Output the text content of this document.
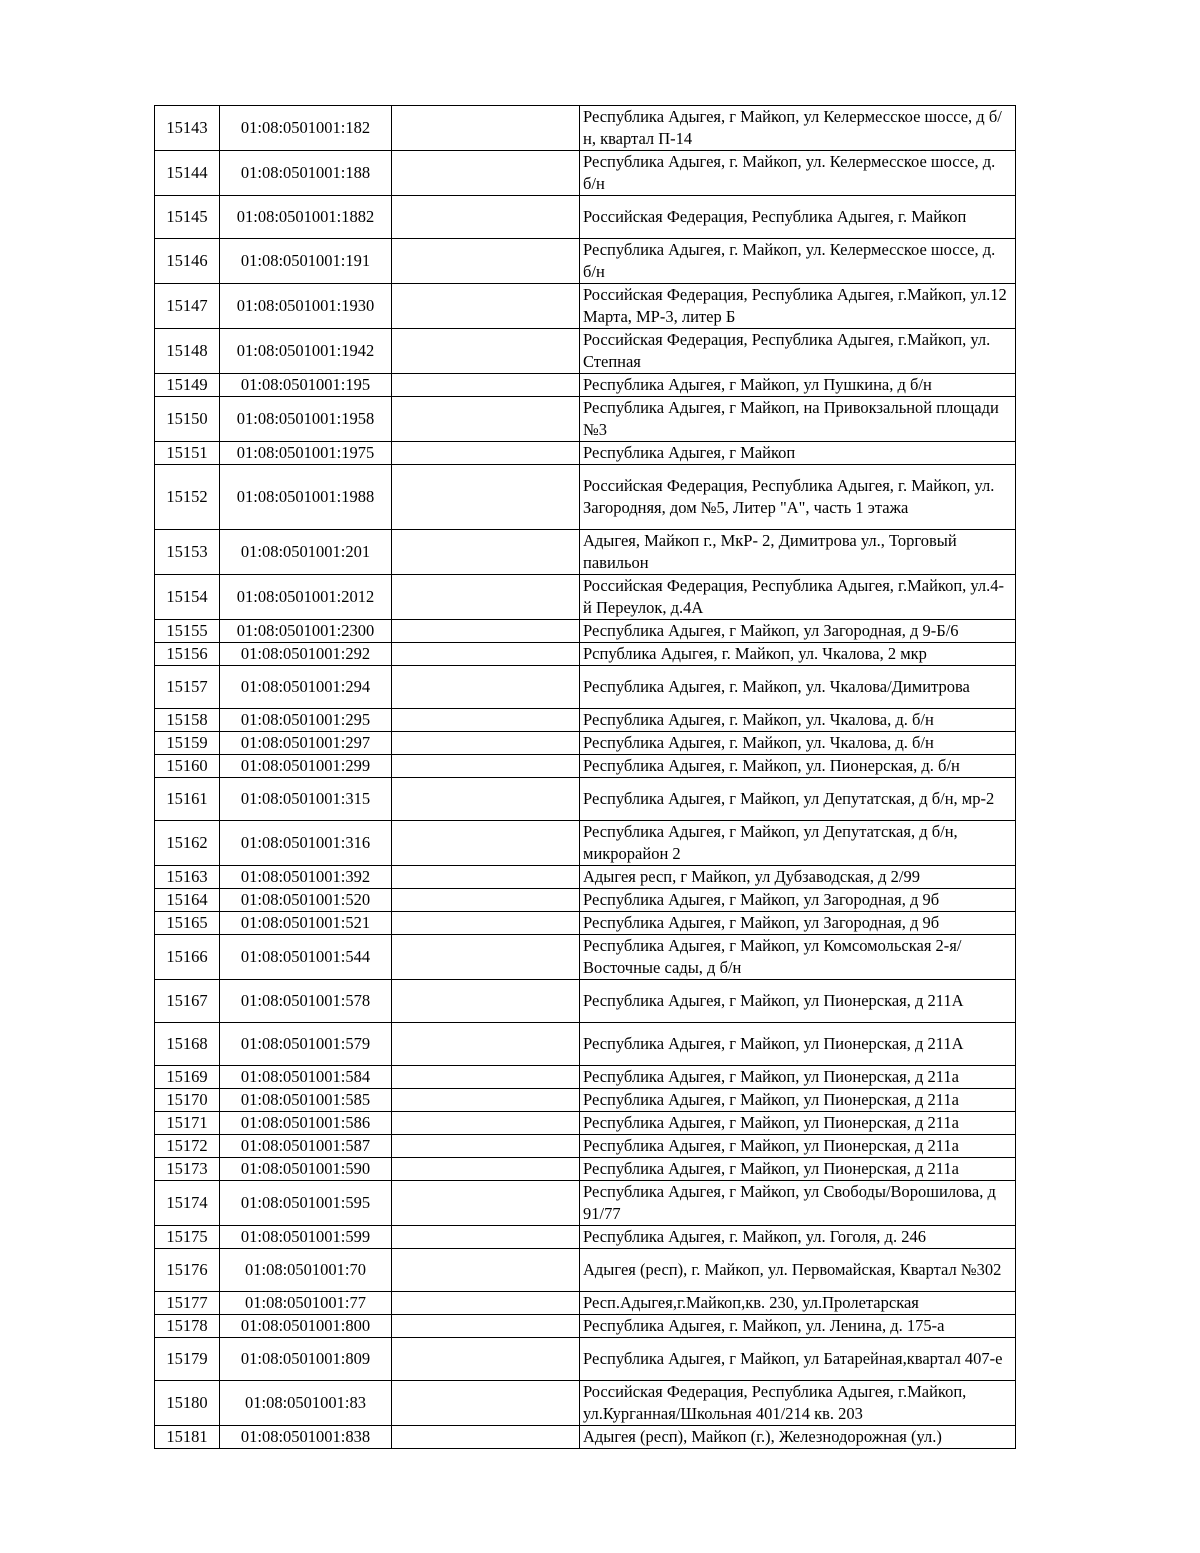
15143	01:08:0501001:182		Республика Адыгея, г Майкоп, ул Келермесское шоссе, д б/н, квартал П-14
15144	01:08:0501001:188		Республика Адыгея, г. Майкоп, ул. Келермесское шоссе, д. б/н
15145	01:08:0501001:1882		Российская Федерация, Республика Адыгея, г. Майкоп
15146	01:08:0501001:191		Республика Адыгея, г. Майкоп, ул. Келермесское шоссе, д. б/н
15147	01:08:0501001:1930		Российская Федерация, Республика Адыгея, г.Майкоп, ул.12 Марта, МР-3, литер Б
15148	01:08:0501001:1942		Российская Федерация, Республика Адыгея, г.Майкоп, ул. Степная
15149	01:08:0501001:195		Республика Адыгея, г Майкоп, ул Пушкина, д б/н
15150	01:08:0501001:1958		Республика Адыгея, г Майкоп, на Привокзальной площади №3
15151	01:08:0501001:1975		Республика Адыгея, г Майкоп
15152	01:08:0501001:1988		Российская Федерация, Республика Адыгея, г. Майкоп, ул. Загородняя, дом №5, Литер "А", часть 1 этажа
15153	01:08:0501001:201		Адыгея, Майкоп г., МкР- 2, Димитрова ул., Торговый павильон
15154	01:08:0501001:2012		Российская Федерация, Республика Адыгея, г.Майкоп, ул.4-й Переулок, д.4А
15155	01:08:0501001:2300		Республика Адыгея, г Майкоп, ул Загородная, д 9-Б/6
15156	01:08:0501001:292		Рспублика Адыгея, г. Майкоп, ул. Чкалова, 2 мкр
15157	01:08:0501001:294		Республика Адыгея, г. Майкоп, ул. Чкалова/Димитрова
15158	01:08:0501001:295		Республика Адыгея, г. Майкоп, ул. Чкалова, д. б/н
15159	01:08:0501001:297		Республика Адыгея, г. Майкоп, ул. Чкалова, д. б/н
15160	01:08:0501001:299		Республика Адыгея, г. Майкоп, ул. Пионерская, д. б/н
15161	01:08:0501001:315		Республика Адыгея, г Майкоп, ул Депутатская, д б/н, мр-2
15162	01:08:0501001:316		Республика Адыгея, г Майкоп, ул Депутатская, д б/н, микрорайон 2
15163	01:08:0501001:392		Адыгея респ, г Майкоп, ул Дубзаводская, д 2/99
15164	01:08:0501001:520		Республика Адыгея, г Майкоп, ул Загородная, д 9б
15165	01:08:0501001:521		Республика Адыгея, г Майкоп, ул Загородная, д 9б
15166	01:08:0501001:544		Республика Адыгея, г Майкоп, ул Комсомольская 2-я/Восточные сады, д б/н
15167	01:08:0501001:578		Республика Адыгея, г Майкоп, ул Пионерская, д 211А
15168	01:08:0501001:579		Республика Адыгея, г Майкоп, ул Пионерская, д 211А
15169	01:08:0501001:584		Республика Адыгея, г Майкоп, ул Пионерская, д 211а
15170	01:08:0501001:585		Республика Адыгея, г Майкоп, ул Пионерская, д 211а
15171	01:08:0501001:586		Республика Адыгея, г Майкоп, ул Пионерская, д 211а
15172	01:08:0501001:587		Республика Адыгея, г Майкоп, ул Пионерская, д 211а
15173	01:08:0501001:590		Республика Адыгея, г Майкоп, ул Пионерская, д 211а
15174	01:08:0501001:595		Республика Адыгея, г Майкоп, ул Свободы/Ворошилова, д 91/77
15175	01:08:0501001:599		Республика Адыгея, г. Майкоп, ул. Гоголя, д. 246
15176	01:08:0501001:70		Адыгея (респ), г. Майкоп, ул. Первомайская, Квартал №302
15177	01:08:0501001:77		Респ.Адыгея,г.Майкоп,кв. 230, ул.Пролетарская
15178	01:08:0501001:800		Республика Адыгея, г. Майкоп, ул. Ленина, д. 175-а
15179	01:08:0501001:809		Республика Адыгея, г Майкоп, ул Батарейная,квартал 407-е
15180	01:08:0501001:83		Российская Федерация, Республика Адыгея, г.Майкоп, ул.Курганная/Школьная 401/214 кв. 203
15181	01:08:0501001:838		Адыгея (респ), Майкоп (г.), Железнодорожная (ул.)
